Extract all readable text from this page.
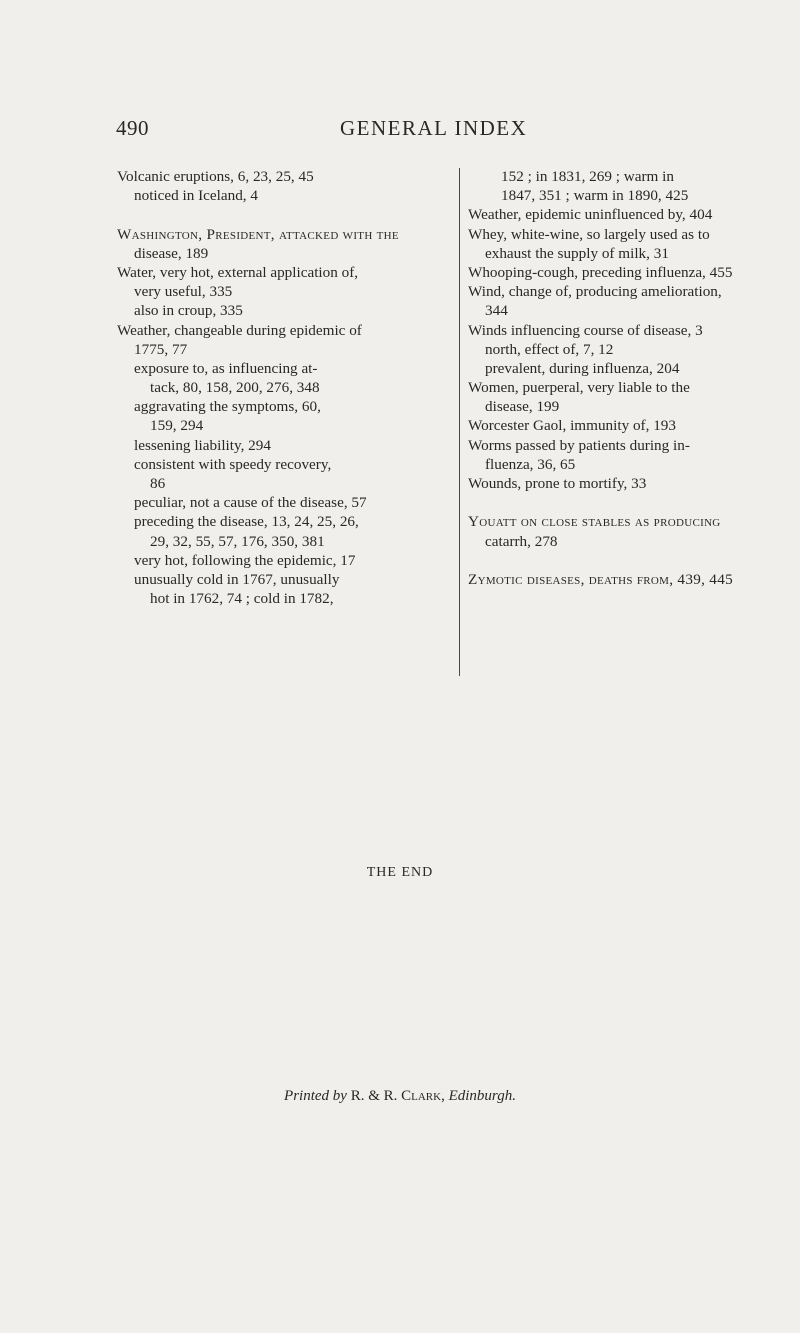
490	GENERAL INDEX
Volcanic eruptions, 6, 23, 25, 45
noticed in Iceland, 4
Washington, President, attacked with the
disease, 189
Water, very hot, external application of,
very useful, 335
also in croup, 335
Weather, changeable during epidemic of
1775, 77
exposure to, as influencing at-
tack, 80, 158, 200, 276, 348
aggravating the symptoms, 60,
159, 294
lessening liability, 294
consistent with speedy recovery,
86
peculiar, not a cause of the disease, 57
preceding the disease, 13, 24, 25, 26,
29, 32, 55, 57, 176, 350, 381
very hot, following the epidemic, 17
unusually cold in 1767, unusually
hot in 1762, 74 ; cold in 1782,
152 ; in 1831, 269 ; warm in
1847, 351 ; warm in 1890, 425
Weather, epidemic uninfluenced by, 404
Whey, white-wine, so largely used as to
exhaust the supply of milk, 31
Whooping-cough, preceding influenza, 455
Wind, change of, producing amelioration,
344
Winds influencing course of disease, 3
north, effect of, 7, 12
prevalent, during influenza, 204
Women, puerperal, very liable to the
disease, 199
Worcester Gaol, immunity of, 193
Worms passed by patients during in-
fluenza, 36, 65
Wounds, prone to mortify, 33
Youatt on close stables as producing
catarrh, 278
Zymotic diseases, deaths from, 439, 445
THE END
Printed by R. & R. Clark, Edinburgh.
